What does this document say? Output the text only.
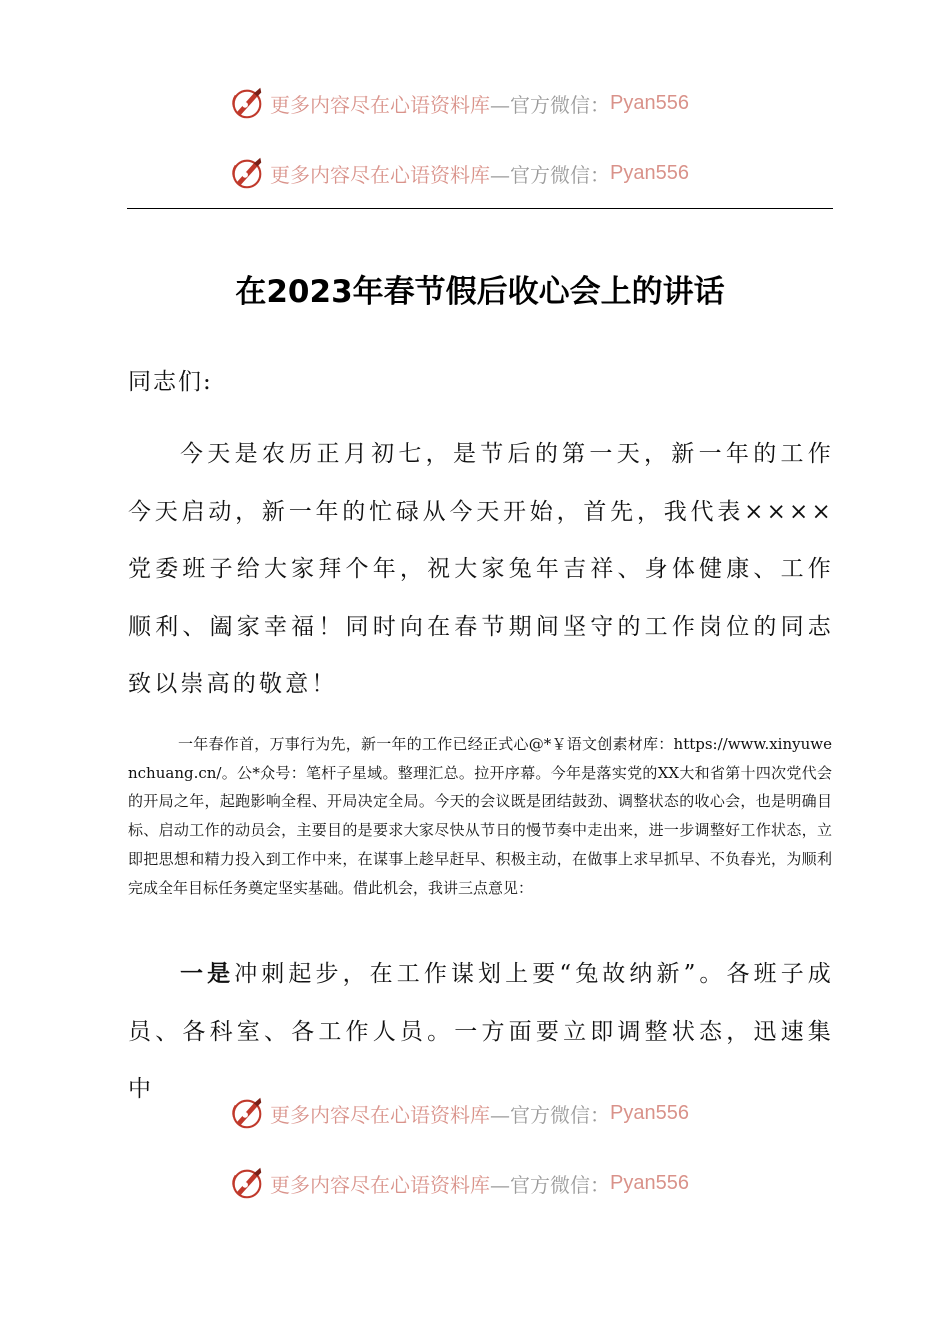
更多内容尽在心语资料库 —官方微信： Pyan556
更多内容尽在心语资料库 —官方微信： Pyan556
在2023年春节假后收心会上的讲话

同志们:

今天是农历正月初七，是节后的第一天，新一年的工作今天启动，新一年的忙碌从今天开始，首先，我代表××××党委班子给大家拜个年，祝大家兔年吉祥、身体健康、工作顺利、阖家幸福！同时向在春节期间坚守的工作岗位的同志致以崇高的敬意！

一年春作首，万事行为先，新一年的工作已经正式心@*￥语文创素材库：https://www.xinyuwenchuang.cn/。公*众号：笔杆子星域。整理汇总。拉开序幕。今年是落实党的XX大和省第十四次党代会的开局之年，起跑影响全程、开局决定全局。今天的会议既是团结鼓劲、调整状态的收心会，也是明确目标、启动工作的动员会，主要目的是要求大家尽快从节日的慢节奏中走出来，进一步调整好工作状态，立即把思想和精力投入到工作中来，在谋事上趁早赶早、积极主动，在做事上求早抓早、不负春光，为顺利完成全年目标任务奠定坚实基础。借此机会，我讲三点意见：

一是冲刺起步，在工作谋划上要“兔故纳新”。各班子成员、各科室、各工作人员。一方面要立即调整状态，迅速集中

更多内容尽在心语资料库 —官方微信： Pyan556
更多内容尽在心语资料库 —官方微信： Pyan556
